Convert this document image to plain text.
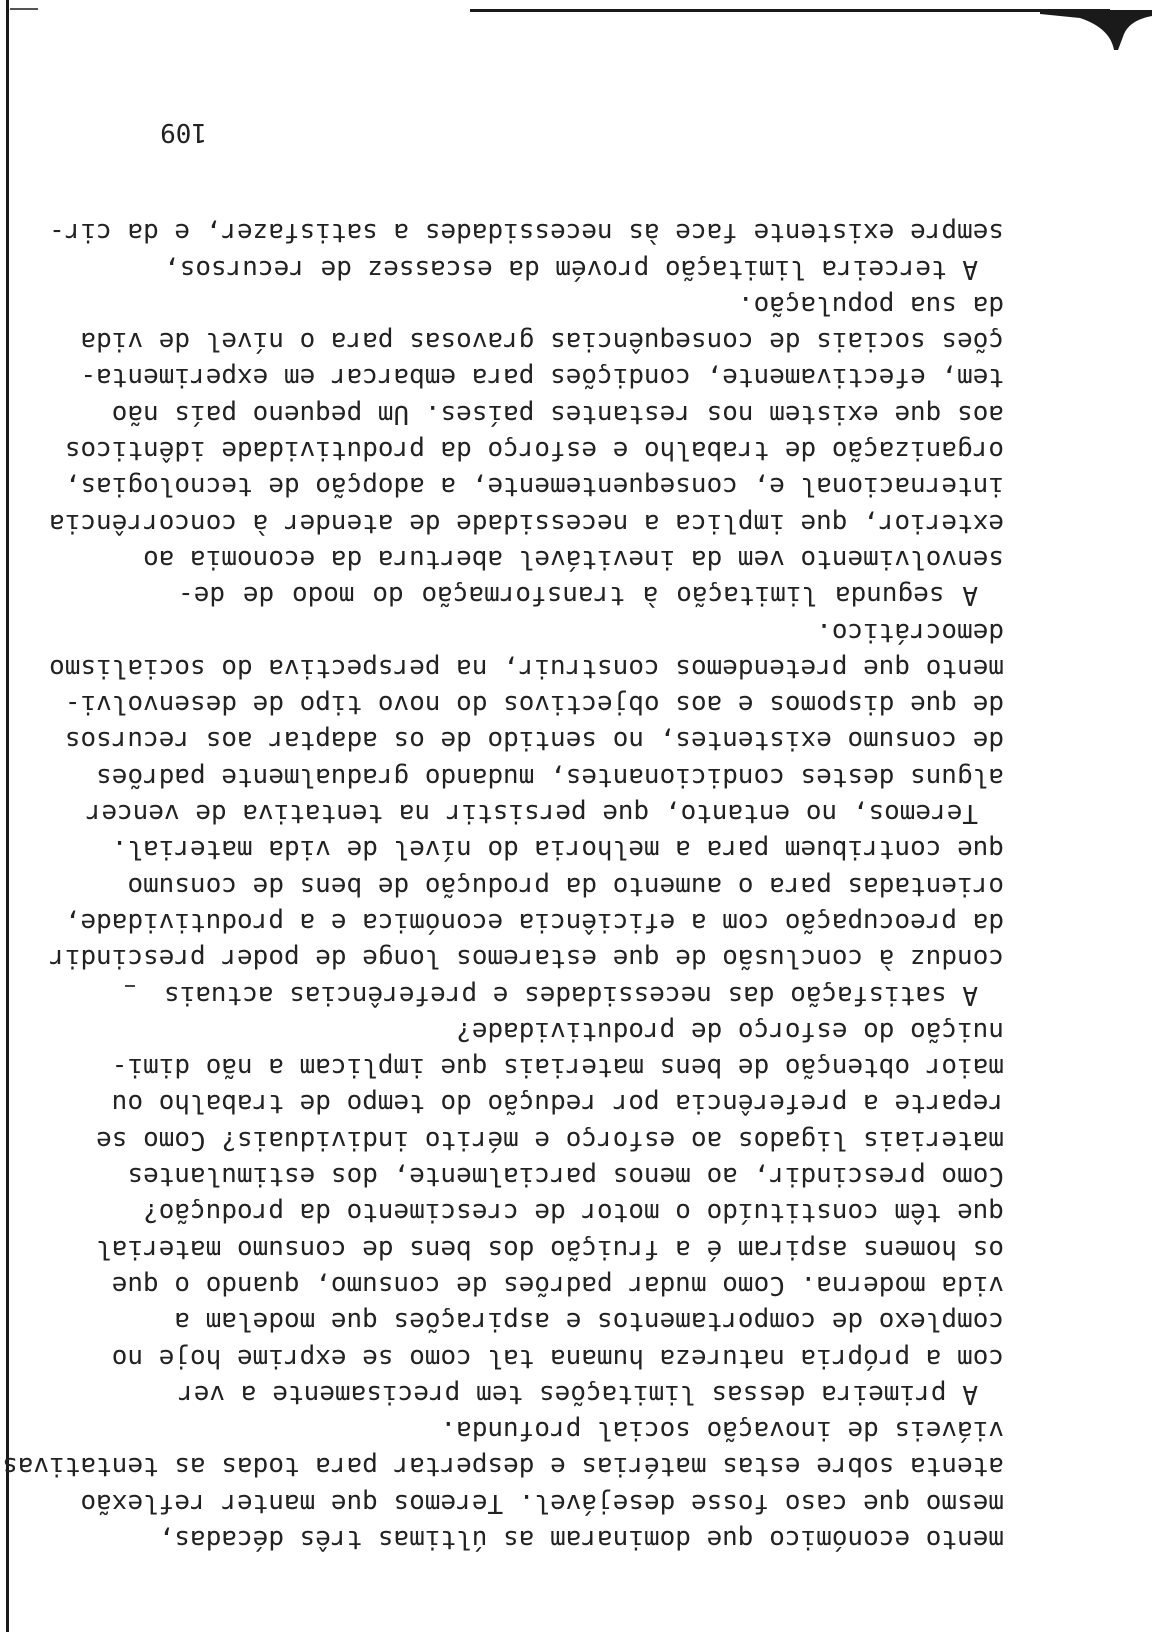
mento económico que dominaram as últimas três décadas,
mesmo que caso fosse desejável. Teremos que manter reflexão
atenta sobre estas matérias e despertar para todas as tentativas
viáveis de inovação social profunda.
A primeira dessas limitações tem precisamente a ver
com a própria natureza humana tal como se exprime hoje no
complexo de comportamentos e aspirações que modelam a
vida moderna. Como mudar padrões de consumo, quando o que
os homens aspiram é a fruição dos bens de consumo material
que têm constituído o motor de crescimento da produção?
Como prescindir, ao menos parcialmente, dos estimulantes
materiais ligados ao esforço e mérito individuais? Como se
reparte a preferência por redução do tempo de trabalho ou
maior obtenção de bens materiais que implicam a não dimi-
nuição do esforço de produtividade?
A satisfação das necessidades e preferências actuais
conduz à conclusão de que estaremos longe de poder prescindir
da preocupação com a eficiência económica e a produtividade,
orientadas para o aumento da produção de bens de consumo
que contribuem para a melhoria do nível de vida material.
Teremos, no entanto, que persistir na tentativa de vencer
alguns destes condicionantes, mudando gradualmente padrões
de consumo existentes, no sentido de os adaptar aos recursos
de que dispomos e aos objectivos do novo tipo de desenvolvi-
mento que pretendemos construir, na perspectiva do socialismo
democrático.
A segunda limitação à transformação do modo de de-
senvolvimento vem da inevitável abertura da economia ao
exterior, que implica a necessidade de atender à concorrência
internacional e, consequentemente, a adopção de tecnologias,
organização de trabalho e esforço da produtividade idênticos
aos que existem nos restantes países. Um pequeno país não
tem, efectivamente, condições para embarcar em experimenta-
ções sociais de consequências gravosas para o nível de vida
da sua população.
A terceira limitação provém da escassez de recursos,
sempre existente face às necessidades a satisfazer, e da cir-
109
